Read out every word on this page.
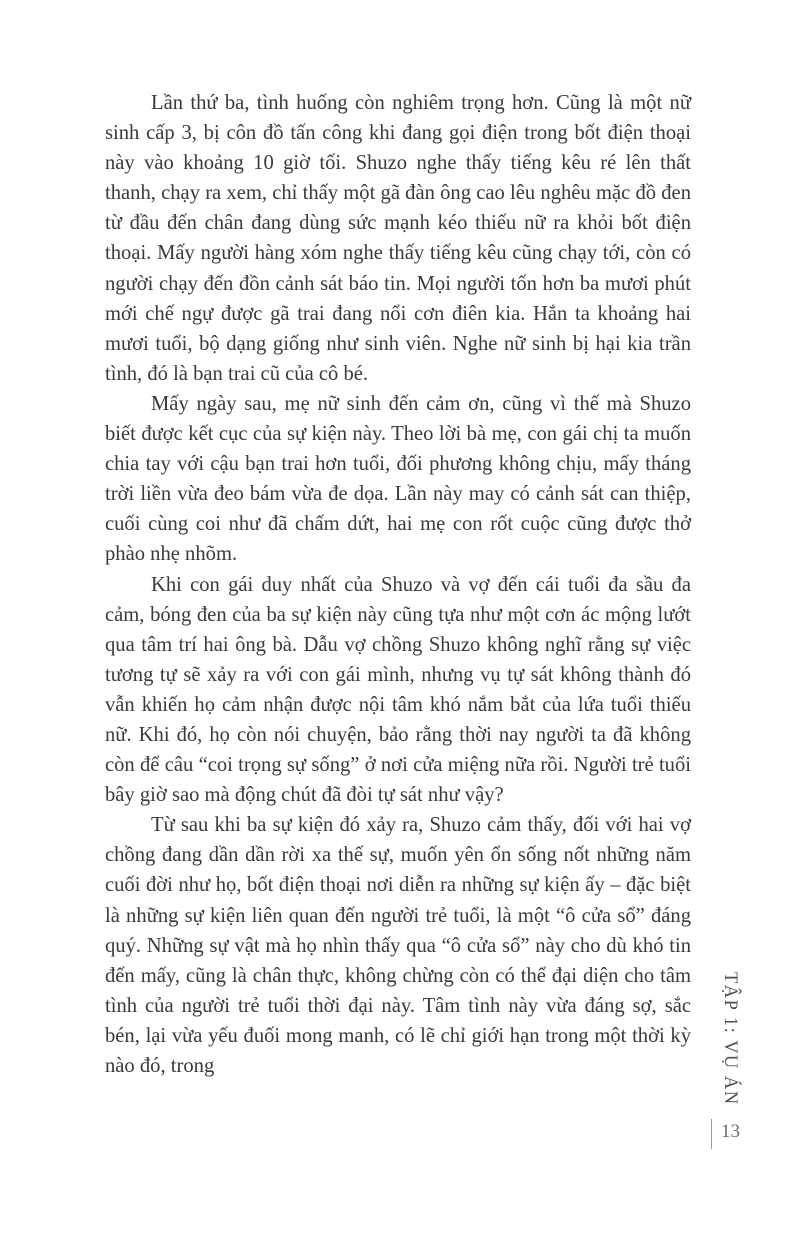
Lần thứ ba, tình huống còn nghiêm trọng hơn. Cũng là một nữ sinh cấp 3, bị côn đồ tấn công khi đang gọi điện trong bốt điện thoại này vào khoảng 10 giờ tối. Shuzo nghe thấy tiếng kêu ré lên thất thanh, chạy ra xem, chỉ thấy một gã đàn ông cao lêu nghêu mặc đồ đen từ đầu đến chân đang dùng sức mạnh kéo thiếu nữ ra khỏi bốt điện thoại. Mấy người hàng xóm nghe thấy tiếng kêu cũng chạy tới, còn có người chạy đến đồn cảnh sát báo tin. Mọi người tốn hơn ba mươi phút mới chế ngự được gã trai đang nổi cơn điên kia. Hắn ta khoảng hai mươi tuổi, bộ dạng giống như sinh viên. Nghe nữ sinh bị hại kia trần tình, đó là bạn trai cũ của cô bé.

Mấy ngày sau, mẹ nữ sinh đến cảm ơn, cũng vì thế mà Shuzo biết được kết cục của sự kiện này. Theo lời bà mẹ, con gái chị ta muốn chia tay với cậu bạn trai hơn tuổi, đối phương không chịu, mấy tháng trời liền vừa đeo bám vừa đe dọa. Lần này may có cảnh sát can thiệp, cuối cùng coi như đã chấm dứt, hai mẹ con rốt cuộc cũng được thở phào nhẹ nhõm.

Khi con gái duy nhất của Shuzo và vợ đến cái tuổi đa sầu đa cảm, bóng đen của ba sự kiện này cũng tựa như một cơn ác mộng lướt qua tâm trí hai ông bà. Dẫu vợ chồng Shuzo không nghĩ rằng sự việc tương tự sẽ xảy ra với con gái mình, nhưng vụ tự sát không thành đó vẫn khiến họ cảm nhận được nội tâm khó nắm bắt của lứa tuổi thiếu nữ. Khi đó, họ còn nói chuyện, bảo rằng thời nay người ta đã không còn để câu “coi trọng sự sống” ở nơi cửa miệng nữa rồi. Người trẻ tuổi bây giờ sao mà động chút đã đòi tự sát như vậy?

Từ sau khi ba sự kiện đó xảy ra, Shuzo cảm thấy, đối với hai vợ chồng đang dần dần rời xa thế sự, muốn yên ổn sống nốt những năm cuối đời như họ, bốt điện thoại nơi diễn ra những sự kiện ấy – đặc biệt là những sự kiện liên quan đến người trẻ tuổi, là một “ô cửa sổ” đáng quý. Những sự vật mà họ nhìn thấy qua “ô cửa sổ” này cho dù khó tin đến mấy, cũng là chân thực, không chừng còn có thể đại diện cho tâm tình của người trẻ tuổi thời đại này. Tâm tình này vừa đáng sợ, sắc bén, lại vừa yếu đuối mong manh, có lẽ chỉ giới hạn trong một thời kỳ nào đó, trong	TẬP 1: VỤ ÁN
13
